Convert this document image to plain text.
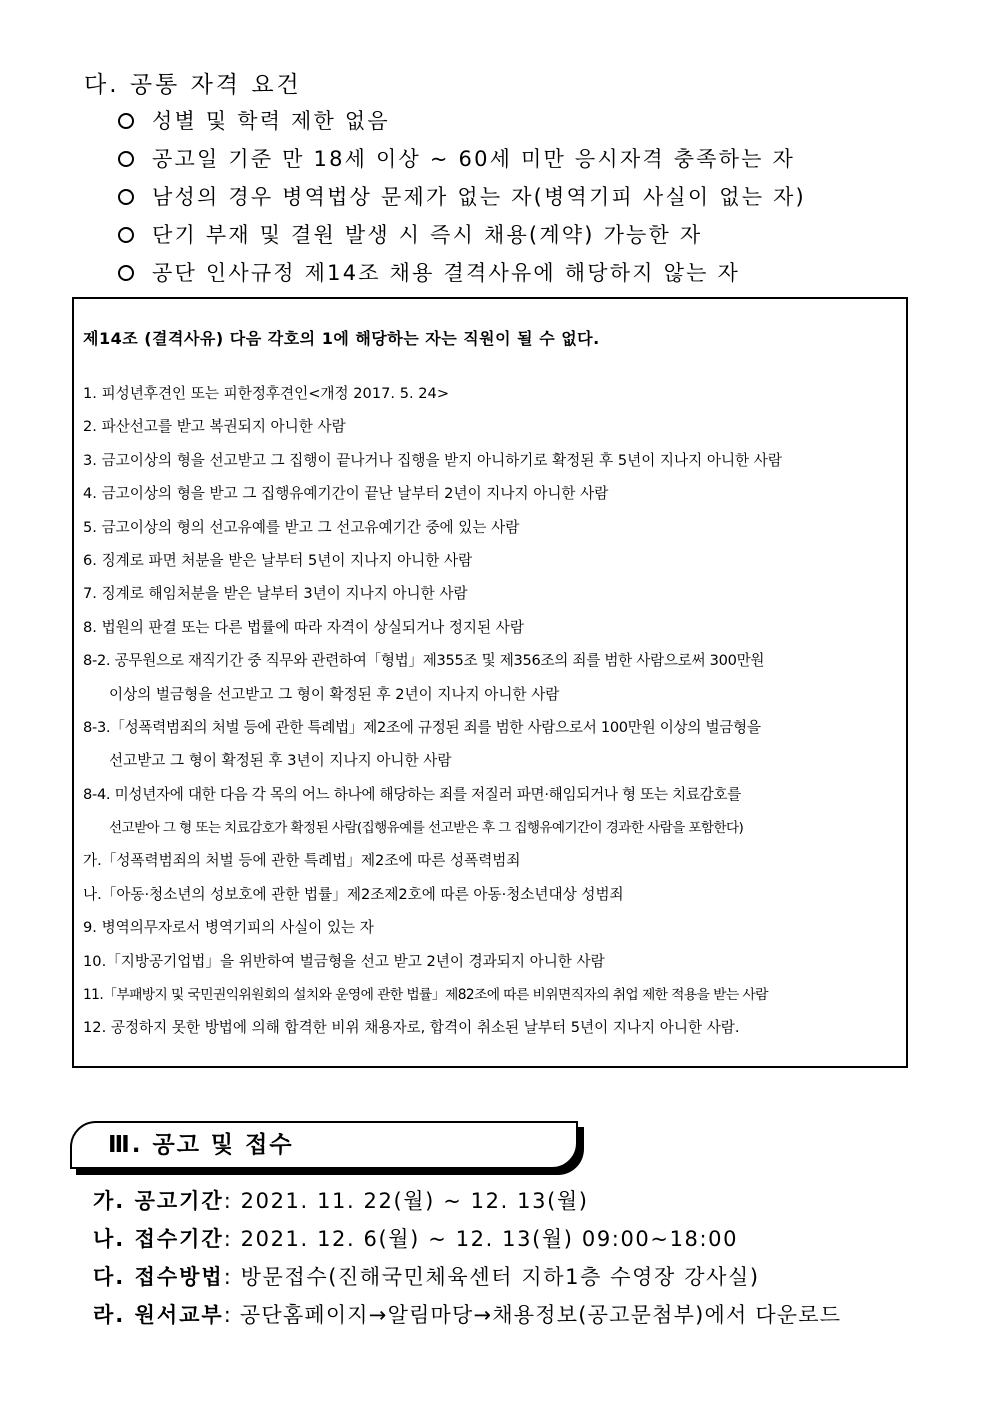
다. 공통 자격 요건
성별 및 학력 제한 없음
공고일 기준 만 18세 이상 ~ 60세 미만 응시자격 충족하는 자
남성의 경우 병역법상 문제가 없는 자(병역기피 사실이 없는 자)
단기 부재 및 결원 발생 시 즉시 채용(계약) 가능한 자
공단 인사규정 제14조 채용 결격사유에 해당하지 않는 자
제14조 (결격사유) 다음 각호의 1에 해당하는 자는 직원이 될 수 없다.
1. 피성년후견인 또는 피한정후견인<개정 2017. 5. 24>
2. 파산선고를 받고 복권되지 아니한 사람
3. 금고이상의 형을 선고받고 그 집행이 끝나거나 집행을 받지 아니하기로 확정된 후 5년이 지나지 아니한 사람
4. 금고이상의 형을 받고 그 집행유예기간이 끝난 날부터 2년이 지나지 아니한 사람
5. 금고이상의 형의 선고유예를 받고 그 선고유예기간 중에 있는 사람
6. 징계로 파면 처분을 받은 날부터 5년이 지나지 아니한 사람
7. 징계로 해임처분을 받은 날부터 3년이 지나지 아니한 사람
8. 법원의 판결 또는 다른 법률에 따라 자격이 상실되거나 정지된 사람
8-2. 공무원으로 재직기간 중 직무와 관련하여「형법」제355조 및 제356조의 죄를 범한 사람으로써 300만원
이상의 벌금형을 선고받고 그 형이 확정된 후 2년이 지나지 아니한 사람
8-3.「성폭력범죄의 처벌 등에 관한 특례법」제2조에 규정된 죄를 범한 사람으로서 100만원 이상의 벌금형을
선고받고 그 형이 확정된 후 3년이 지나지 아니한 사람
8-4. 미성년자에 대한 다음 각 목의 어느 하나에 해당하는 죄를 저질러 파면·해임되거나 형 또는 치료감호를
선고받아 그 형 또는 치료감호가 확정된 사람(집행유예를 선고받은 후 그 집행유예기간이 경과한 사람을 포함한다)
가.「성폭력범죄의 처벌 등에 관한 특례법」제2조에 따른 성폭력범죄
나.「아동·청소년의 성보호에 관한 법률」제2조제2호에 따른 아동·청소년대상 성범죄
9. 병역의무자로서 병역기피의 사실이 있는 자
10.「지방공기업법」을 위반하여 벌금형을 선고 받고 2년이 경과되지 아니한 사람
11.「부패방지 및 국민권익위원회의 설치와 운영에 관한 법률」제82조에 따른 비위면직자의 취업 제한 적용을 받는 사람
12. 공정하지 못한 방법에 의해 합격한 비위 채용자로, 합격이 취소된 날부터 5년이 지나지 아니한 사람.
Ⅲ. 공고 및 접수
가. 공고기간: 2021. 11. 22(월) ~ 12. 13(월)
나. 접수기간: 2021. 12. 6(월) ~ 12. 13(월) 09:00~18:00
다. 접수방법: 방문접수(진해국민체육센터 지하1층 수영장 강사실)
라. 원서교부: 공단홈페이지→알림마당→채용정보(공고문첨부)에서 다운로드
